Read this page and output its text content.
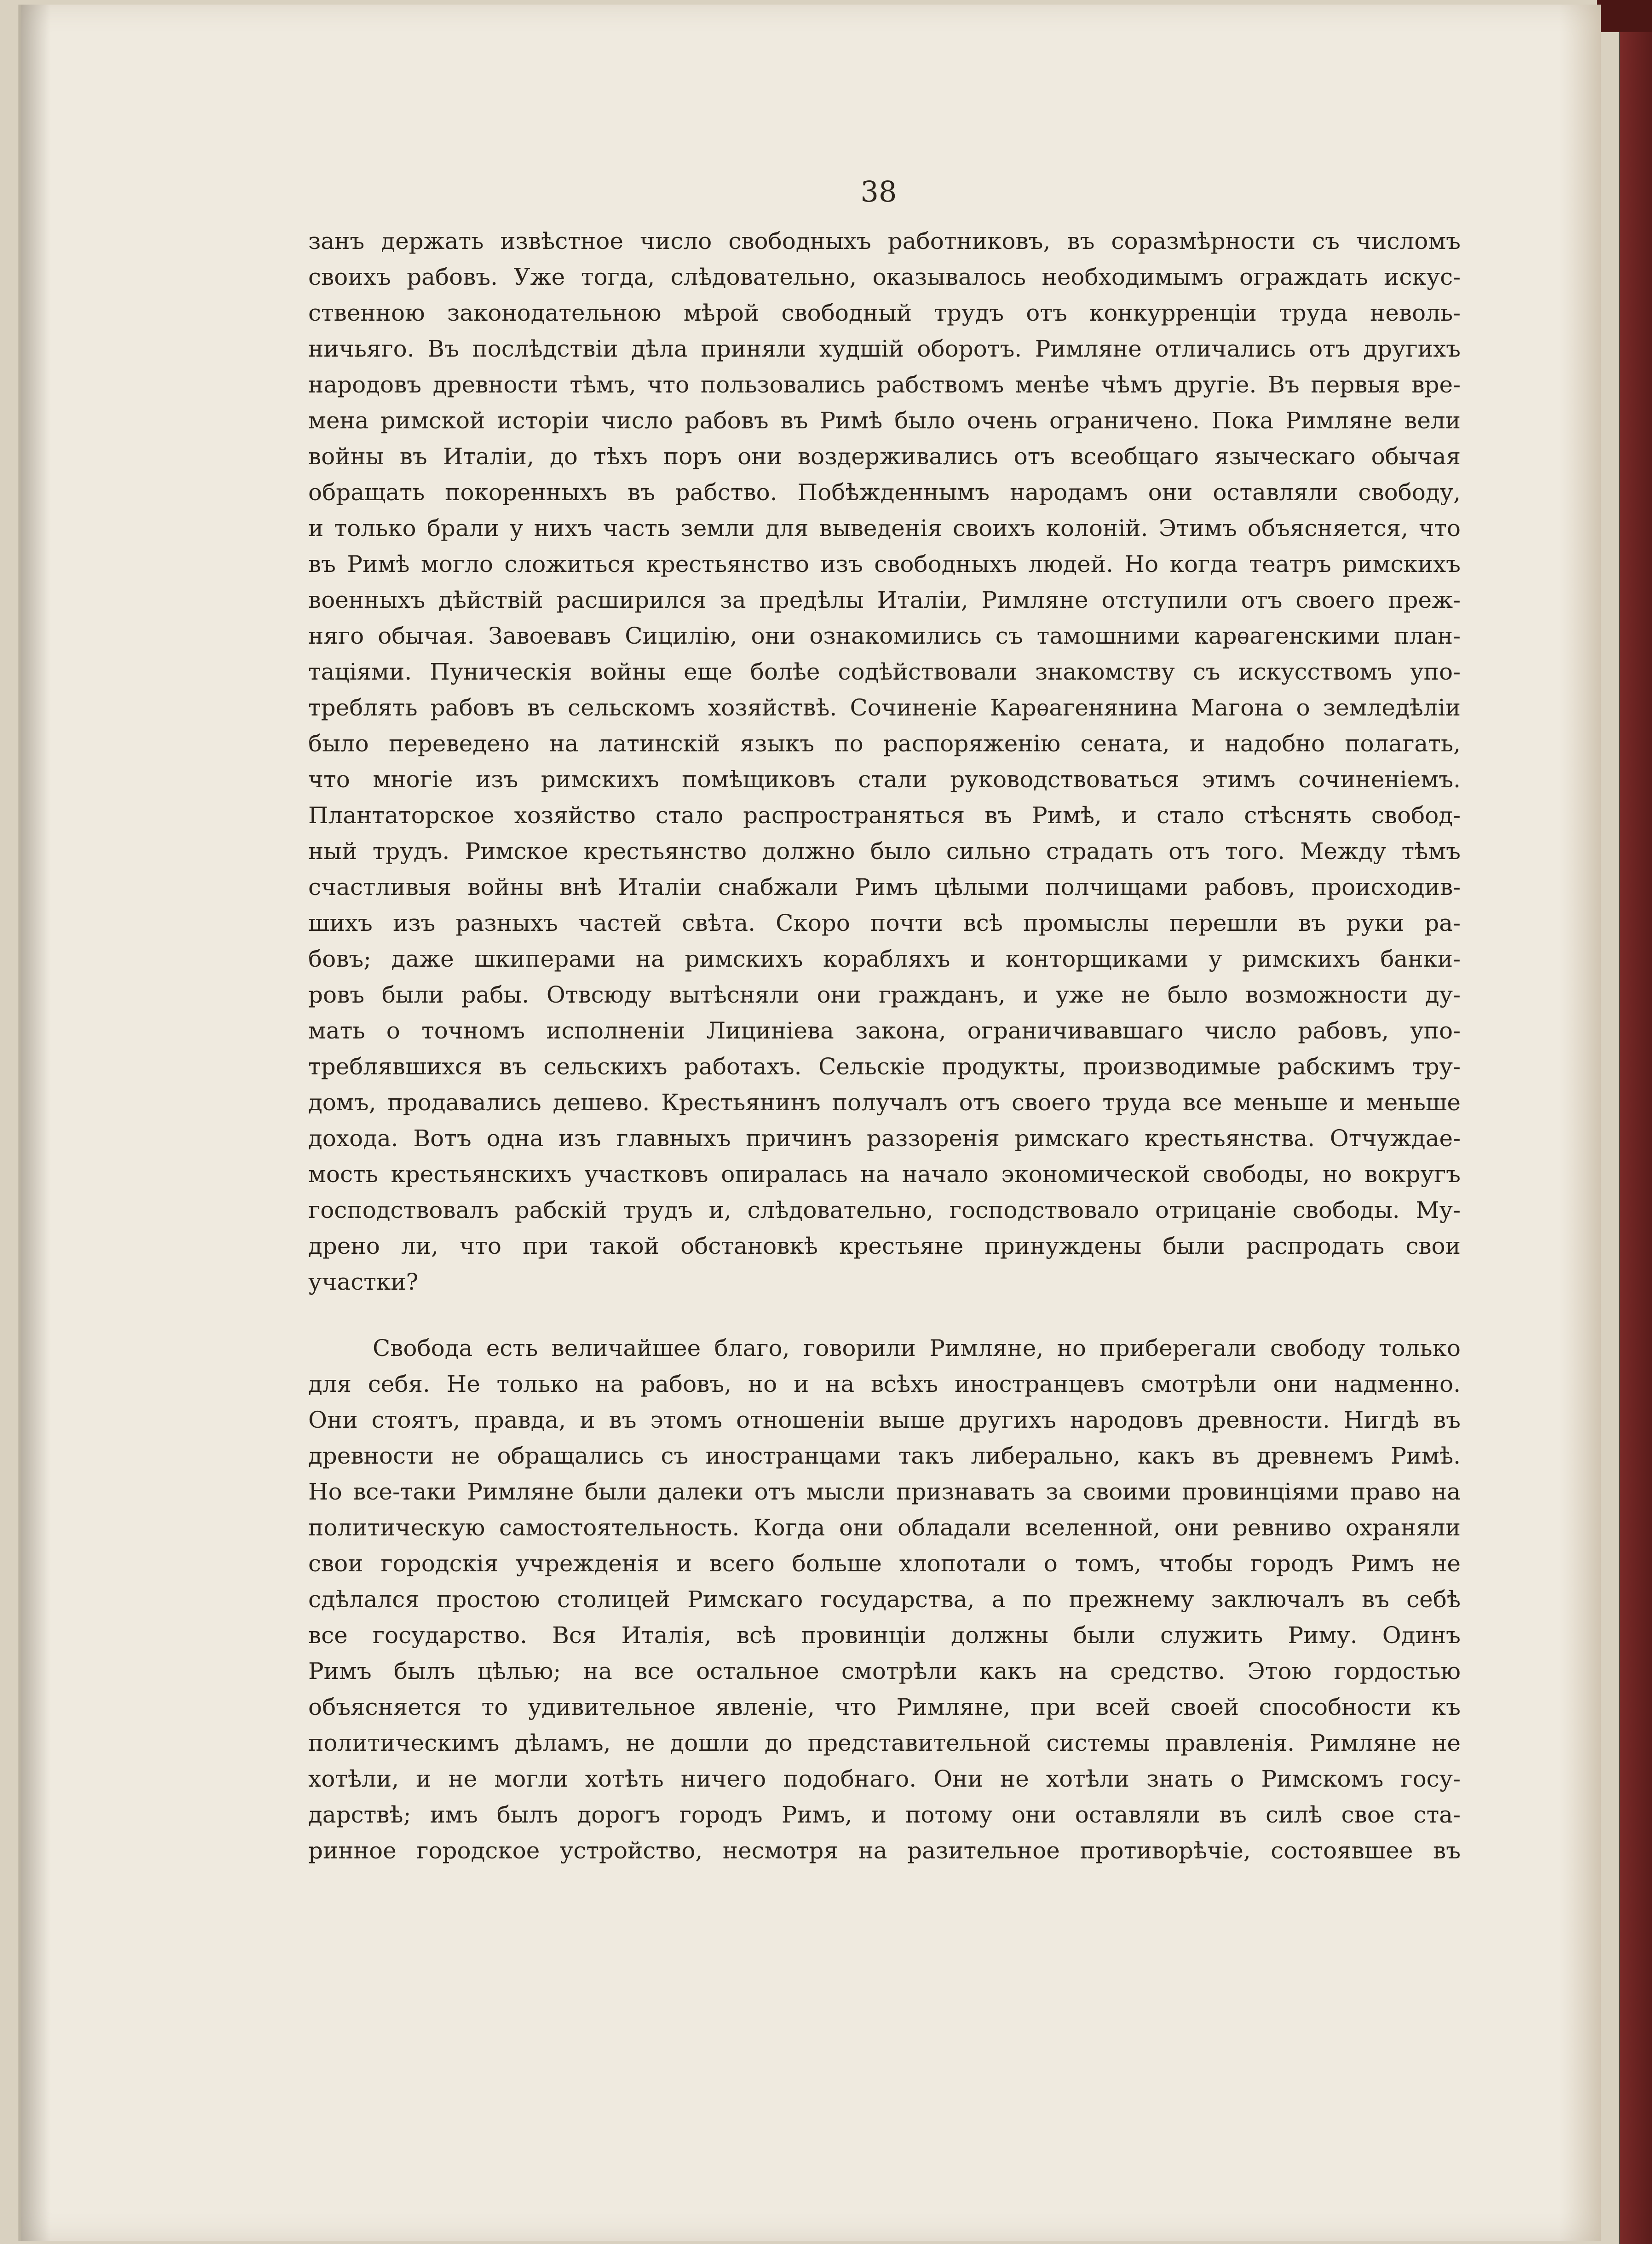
38
занъ держать извѣстное число свободныхъ работниковъ, въ соразмѣрности съ числомъ
своихъ рабовъ. Уже тогда, слѣдовательно, оказывалось необходимымъ ограждать искус-
ственною законодательною мѣрой свободный трудъ отъ конкурренціи труда неволь-
ничьяго. Въ послѣдствіи дѣла приняли худшій оборотъ. Римляне отличались отъ другихъ
народовъ древности тѣмъ, что пользовались рабствомъ менѣе чѣмъ другіе. Въ первыя вре-
мена римской исторіи число рабовъ въ Римѣ было очень ограничено. Пока Римляне вели
войны въ Италіи, до тѣхъ поръ они воздерживались отъ всеобщаго языческаго обычая
обращать покоренныхъ въ рабство. Побѣжденнымъ народамъ они оставляли свободу,
и только брали у нихъ часть земли для выведенія своихъ колоній. Этимъ объясняется, что
въ Римѣ могло сложиться крестьянство изъ свободныхъ людей. Но когда театръ римскихъ
военныхъ дѣйствій расширился за предѣлы Италіи, Римляне отступили отъ своего преж-
няго обычая. Завоевавъ Сицилію, они ознакомились съ тамошними карѳагенскими план-
таціями. Пуническія войны еще болѣе содѣйствовали знакомству съ искусствомъ упо-
треблять рабовъ въ сельскомъ хозяйствѣ. Сочиненіе Карѳагенянина Магона о земледѣліи
было переведено на латинскій языкъ по распоряженію сената, и надобно полагать,
что многіе изъ римскихъ помѣщиковъ стали руководствоваться этимъ сочиненіемъ.
Плантаторское хозяйство стало распространяться въ Римѣ, и стало стѣснять свобод-
ный трудъ. Римское крестьянство должно было сильно страдать отъ того. Между тѣмъ
счастливыя войны внѣ Италіи снабжали Римъ цѣлыми полчищами рабовъ, происходив-
шихъ изъ разныхъ частей свѣта. Скоро почти всѣ промыслы перешли въ руки ра-
бовъ; даже шкиперами на римскихъ корабляхъ и конторщиками у римскихъ банки-
ровъ были рабы. Отвсюду вытѣсняли они гражданъ, и уже не было возможности ду-
мать о точномъ исполненіи Лициніева закона, ограничивавшаго число рабовъ, упо-
треблявшихся въ сельскихъ работахъ. Сельскіе продукты, производимые рабскимъ тру-
домъ, продавались дешево. Крестьянинъ получалъ отъ своего труда все меньше и меньше
дохода. Вотъ одна изъ главныхъ причинъ раззоренія римскаго крестьянства. Отчуждае-
мость крестьянскихъ участковъ опиралась на начало экономической свободы, но вокругъ
господствовалъ рабскій трудъ и, слѣдовательно, господствовало отрицаніе свободы. Му-
дрено ли, что при такой обстановкѣ крестьяне принуждены были распродать свои
участки?
Свобода есть величайшее благо, говорили Римляне, но приберегали свободу только
для себя. Не только на рабовъ, но и на всѣхъ иностранцевъ смотрѣли они надменно.
Они стоятъ, правда, и въ этомъ отношеніи выше другихъ народовъ древности. Нигдѣ въ
древности не обращались съ иностранцами такъ либерально, какъ въ древнемъ Римѣ.
Но все-таки Римляне были далеки отъ мысли признавать за своими провинціями право на
политическую самостоятельность. Когда они обладали вселенной, они ревниво охраняли
свои городскія учрежденія и всего больше хлопотали о томъ, чтобы городъ Римъ не
сдѣлался простою столицей Римскаго государства, а по прежнему заключалъ въ себѣ
все государство. Вся Италія, всѣ провинціи должны были служить Риму. Одинъ
Римъ былъ цѣлью; на все остальное смотрѣли какъ на средство. Этою гордостью
объясняется то удивительное явленіе, что Римляне, при всей своей способности къ
политическимъ дѣламъ, не дошли до представительной системы правленія. Римляне не
хотѣли, и не могли хотѣть ничего подобнаго. Они не хотѣли знать о Римскомъ госу-
дарствѣ; имъ былъ дорогъ городъ Римъ, и потому они оставляли въ силѣ свое ста-
ринное городское устройство, несмотря на разительное противорѣчіе, состоявшее въ
